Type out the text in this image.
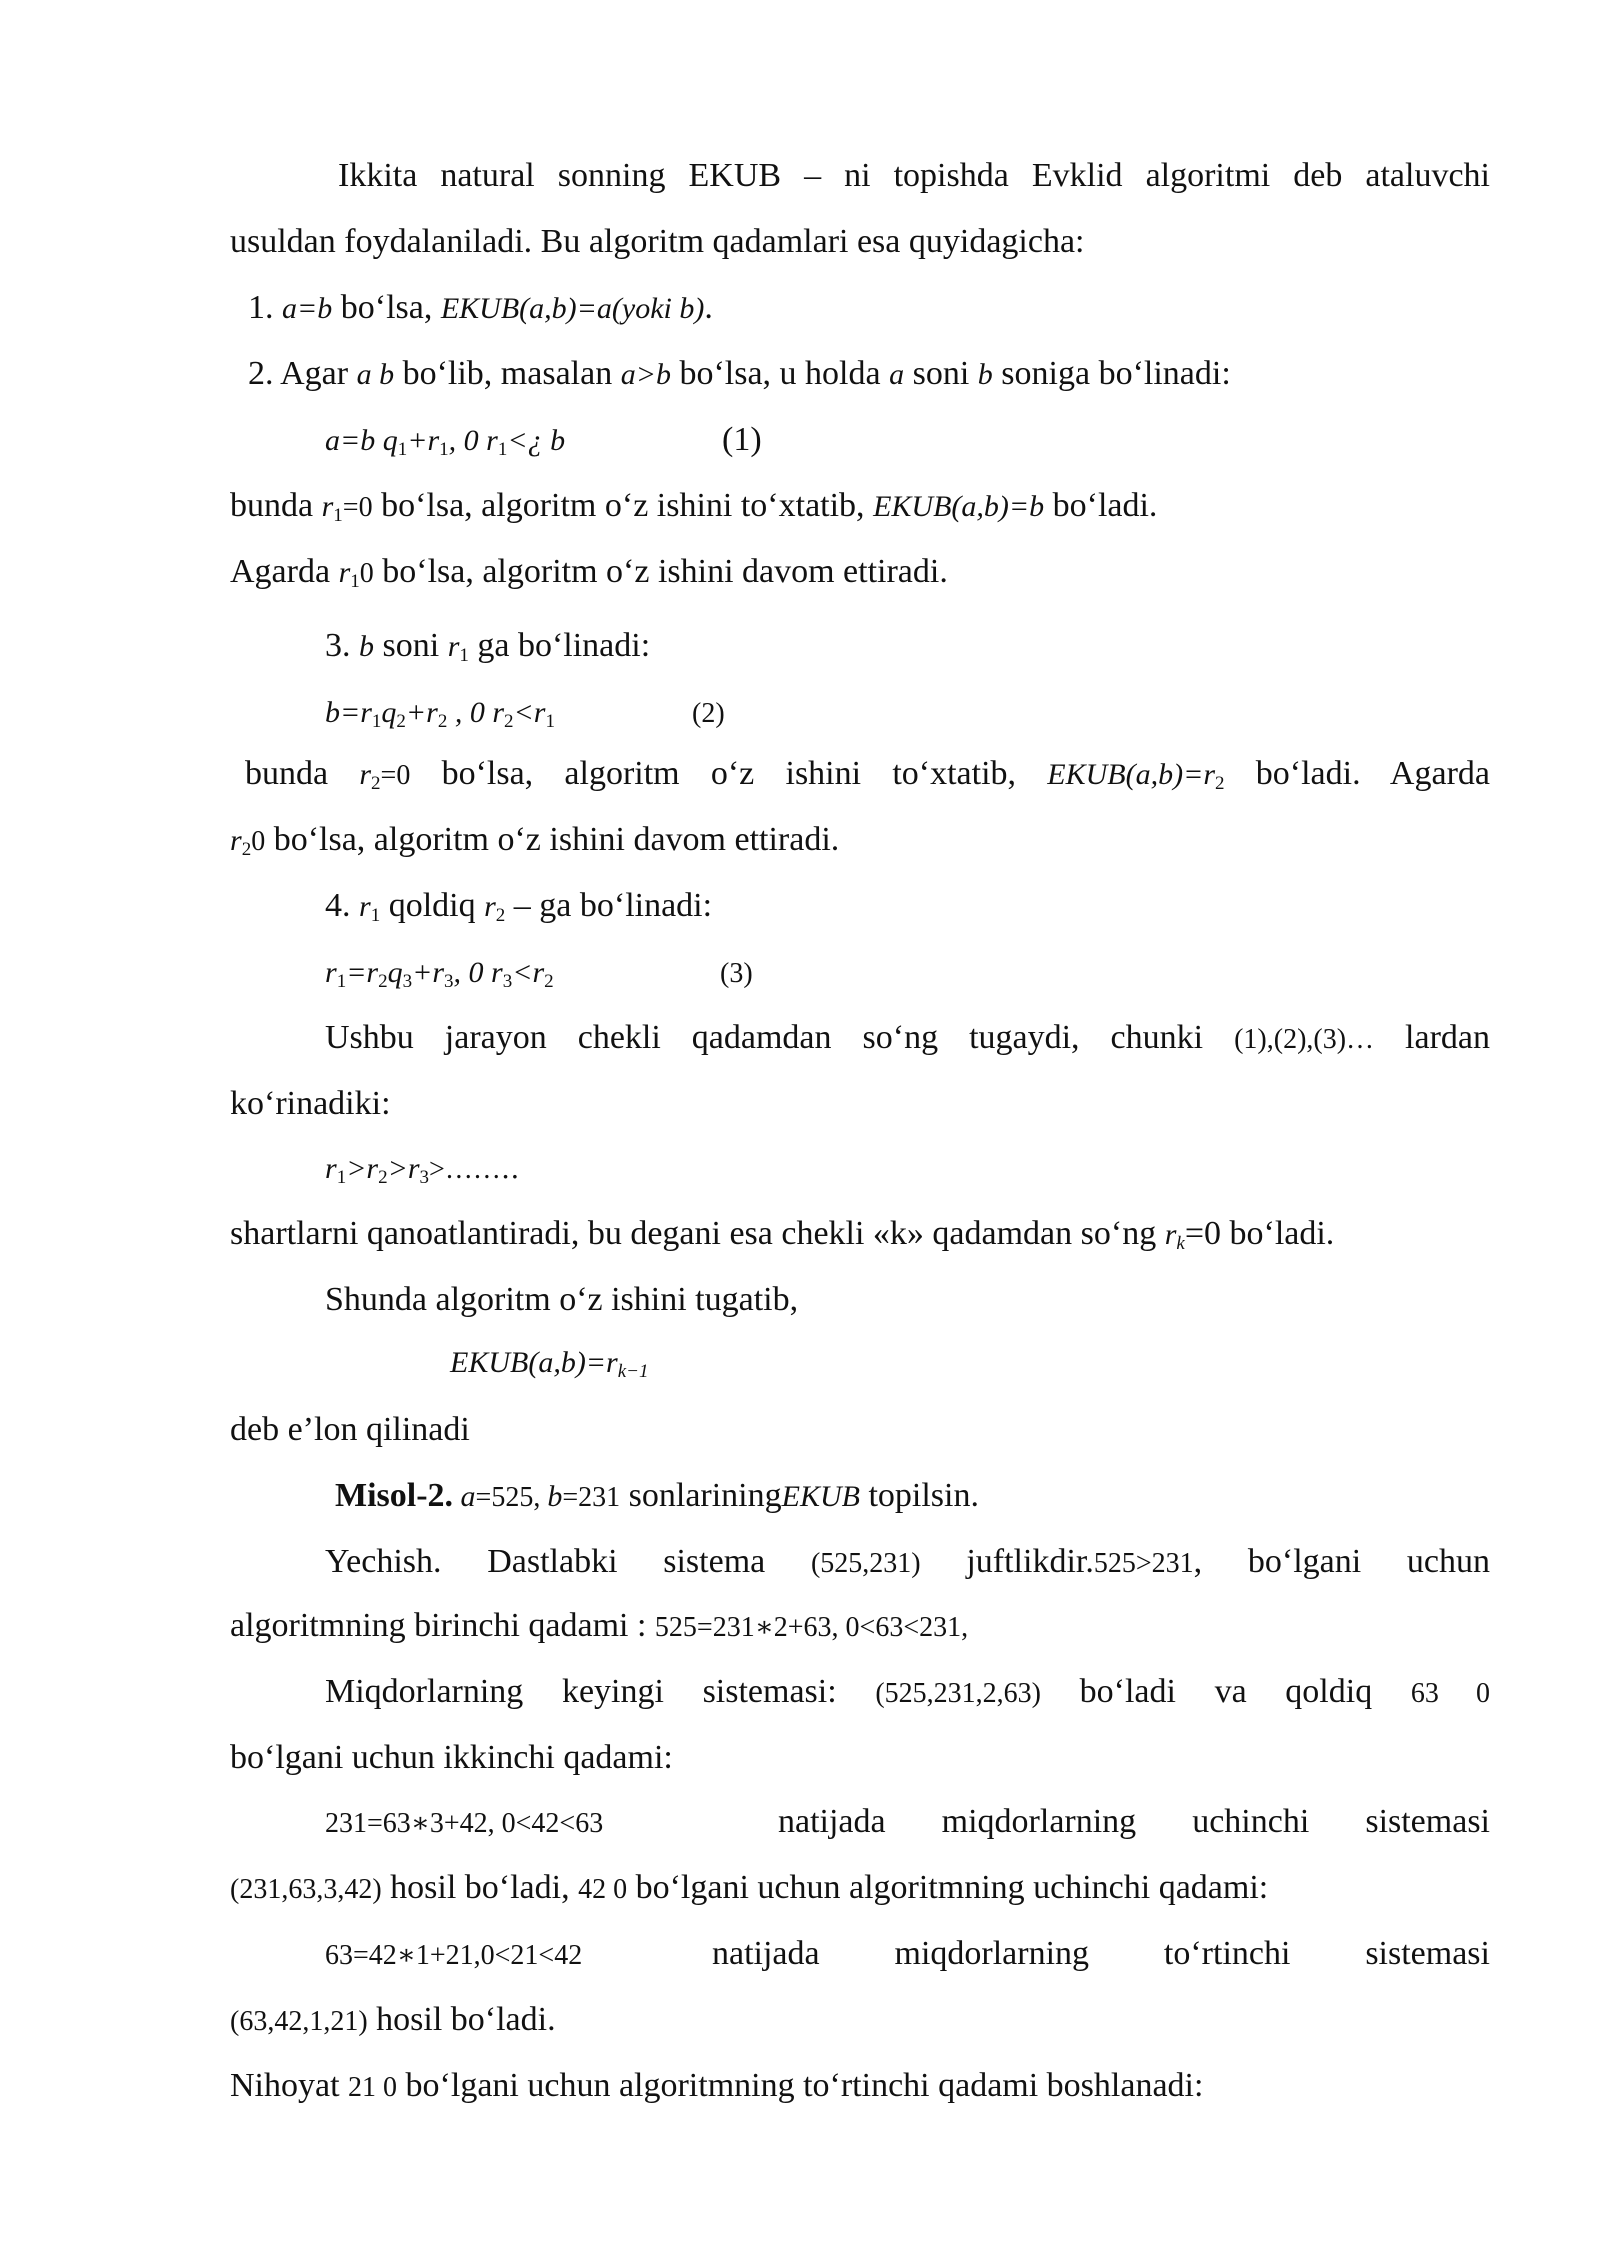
Ikkita natural sonning EKUB – ni topishda Evklid algoritmi deb ataluvchi
usuldan foydalaniladi. Bu algoritm qadamlari esa quyidagicha:
1. a=b bo‘lsa, EKUB(a,b)=a(yoki b).
2. Agar a b bo‘lib, masalan a>b bo‘lsa, u holda a soni b soniga bo‘linadi:
a=b q1+r1, 0 r1<¿ b	(1)
bunda r1=0 bo‘lsa, algoritm o‘z ishini to‘xtatib, EKUB(a,b)=b bo‘ladi.
Agarda r10 bo‘lsa, algoritm o‘z ishini davom ettiradi.
3. b soni r1 ga bo‘linadi:
b=r1q2+r2 , 0 r2<r1	(2)
bunda r2=0 bo‘lsa, algoritm o‘z ishini to‘xtatib, EKUB(a,b)=r2 bo‘ladi. Agarda
r20 bo‘lsa, algoritm o‘z ishini davom ettiradi.
4. r1 qoldiq r2 – ga bo‘linadi:
r1=r2q3+r3, 0 r3<r2	(3)
Ushbu jarayon chekli qadamdan so‘ng tugaydi, chunki (1),(2),(3)… lardan
ko‘rinadiki:
r1>r2>r3>……‥
shartlarni qanoatlantiradi, bu degani esa chekli «k» qadamdan so‘ng $r_k=0$ bo‘ladi.
Shunda algoritm o‘z ishini tugatib,
$EKUB(a,b)=r_{k-1}$
deb e’lon qilinadi
Misol-2. a=525, b=231 sonlariningEKUB topilsin.
Yechish. Dastlabki sistema (525,231) juftlikdir.525>231, bo‘lgani uchun
algoritmning birinchi qadami : 525=231∗2+63, 0<63<231,
Miqdorlarning keyingi sistemasi: (525,231,2,63) bo‘ladi va qoldiq 63 0
bo‘lgani uchun ikkinchi qadami:
231=63∗3+42, 0<42<63	natijada miqdorlarning uchinchi sistemasi
(231,63,3,42) hosil bo‘ladi, 42 0 bo‘lgani uchun algoritmning uchinchi qadami:
63=42∗1+21,0<21<42	natijada miqdorlarning to‘rtinchi sistemasi
(63,42,1,21) hosil bo‘ladi.
Nihoyat 21 0 bo‘lgani uchun algoritmning to‘rtinchi qadami boshlanadi:
